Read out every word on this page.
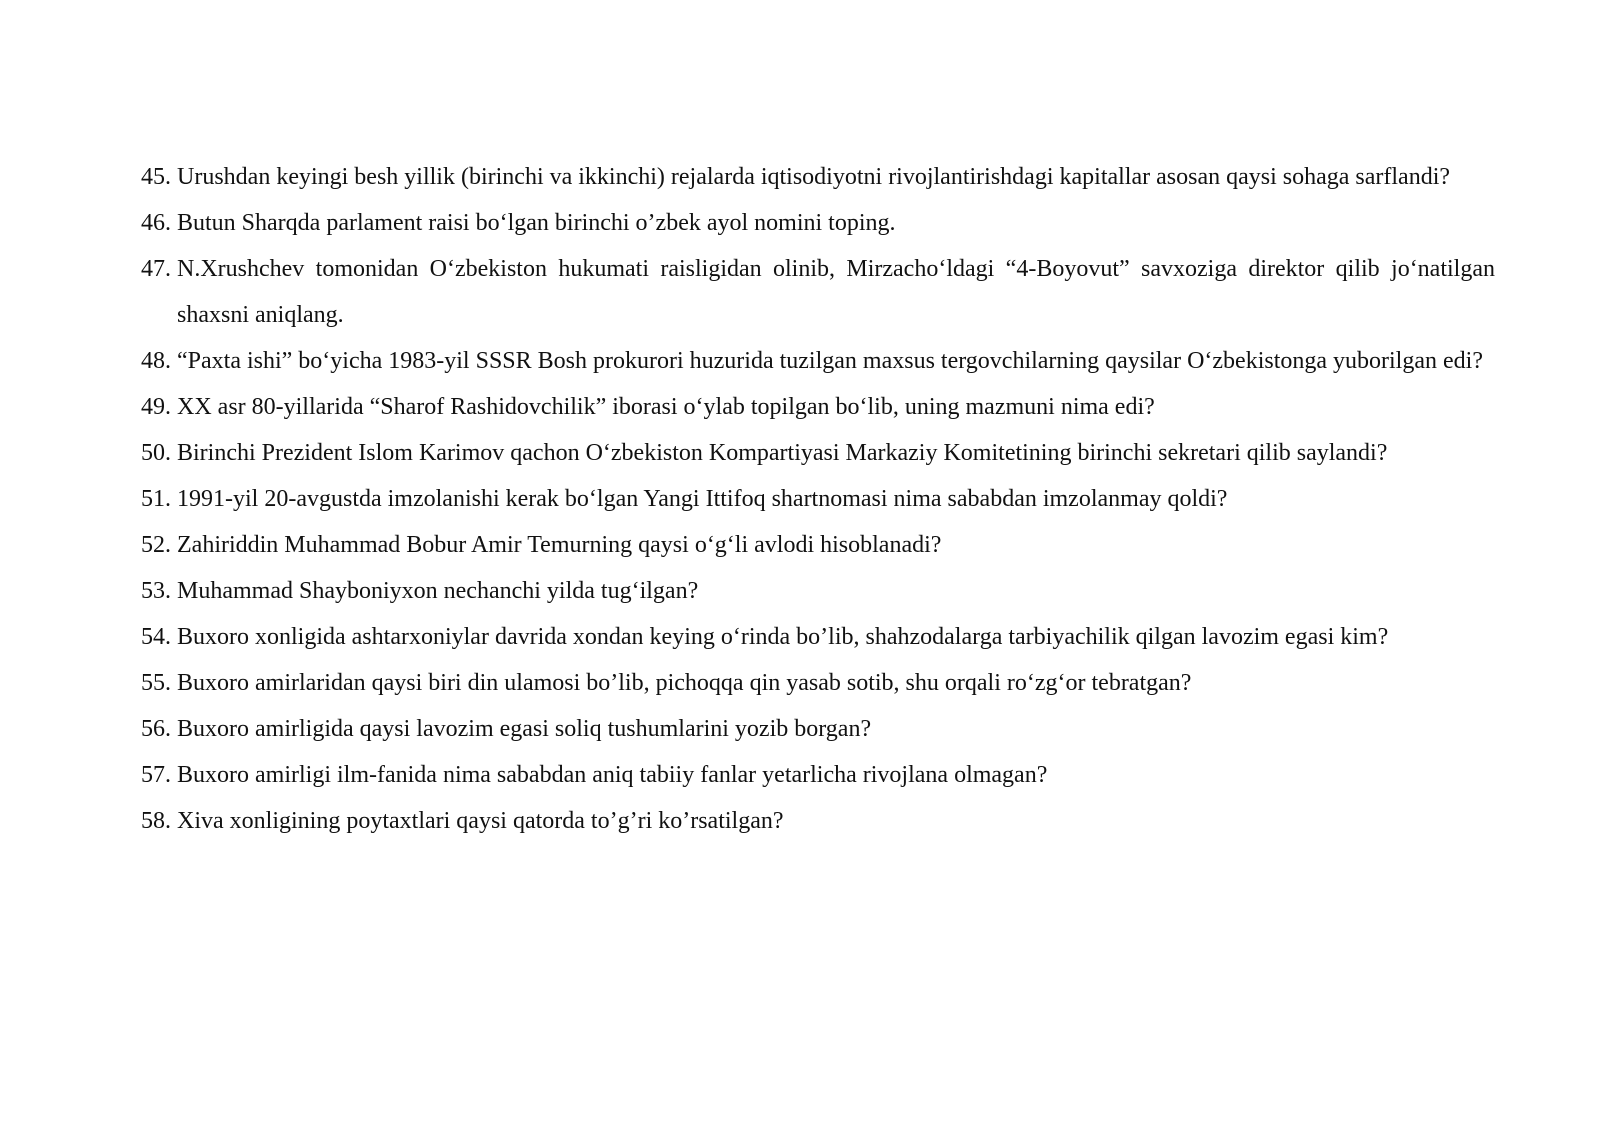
45. Urushdan keyingi besh yillik (birinchi va ikkinchi) rejalarda iqtisodiyotni rivojlantirishdagi kapitallar asosan qaysi sohaga sarflandi?
46. Butun Sharqda parlament raisi boʻlgan birinchi o’zbek ayol nomini toping.
47. N.Xrushchev tomonidan Oʻzbekiston hukumati raisligidan olinib, Mirzachoʻldagi “4-Boyovut” savxoziga direktor qilib joʻnatilgan shaxsni aniqlang.
48. “Paxta ishi” boʻyicha 1983-yil SSSR Bosh prokurori huzurida tuzilgan maxsus tergovchilarning qaysilar Oʻzbekistonga yuborilgan edi?
49. XX asr 80-yillarida “Sharof Rashidovchilik” iborasi oʻylab topilgan boʻlib, uning mazmuni nima edi?
50. Birinchi Prezident Islom Karimov qachon Oʻzbekiston Kompartiyasi Markaziy Komitetining birinchi sekretari qilib saylandi?
51. 1991-yil 20-avgustda imzolanishi kerak boʻlgan Yangi Ittifoq shartnomasi nima sababdan imzolanmay qoldi?
52. Zahiriddin Muhammad Bobur Amir Temurning qaysi oʻgʻli avlodi hisoblanadi?
53. Muhammad Shayboniyxon nechanchi yilda tugʻilgan?
54. Buxoro xonligida ashtarxoniylar davrida xondan keying oʻrinda bo’lib, shahzodalarga tarbiyachilik qilgan lavozim egasi kim?
55. Buxoro amirlaridan qaysi biri din ulamosi bo’lib, pichoqqa qin yasab sotib, shu orqali roʻzgʻor tebratgan?
56. Buxoro amirligida qaysi lavozim egasi soliq tushumlarini yozib borgan?
57. Buxoro amirligi ilm-fanida nima sababdan aniq tabiiy fanlar yetarlicha rivojlana olmagan?
58. Xiva xonligining poytaxtlari qaysi qatorda to’g’ri ko’rsatilgan?
